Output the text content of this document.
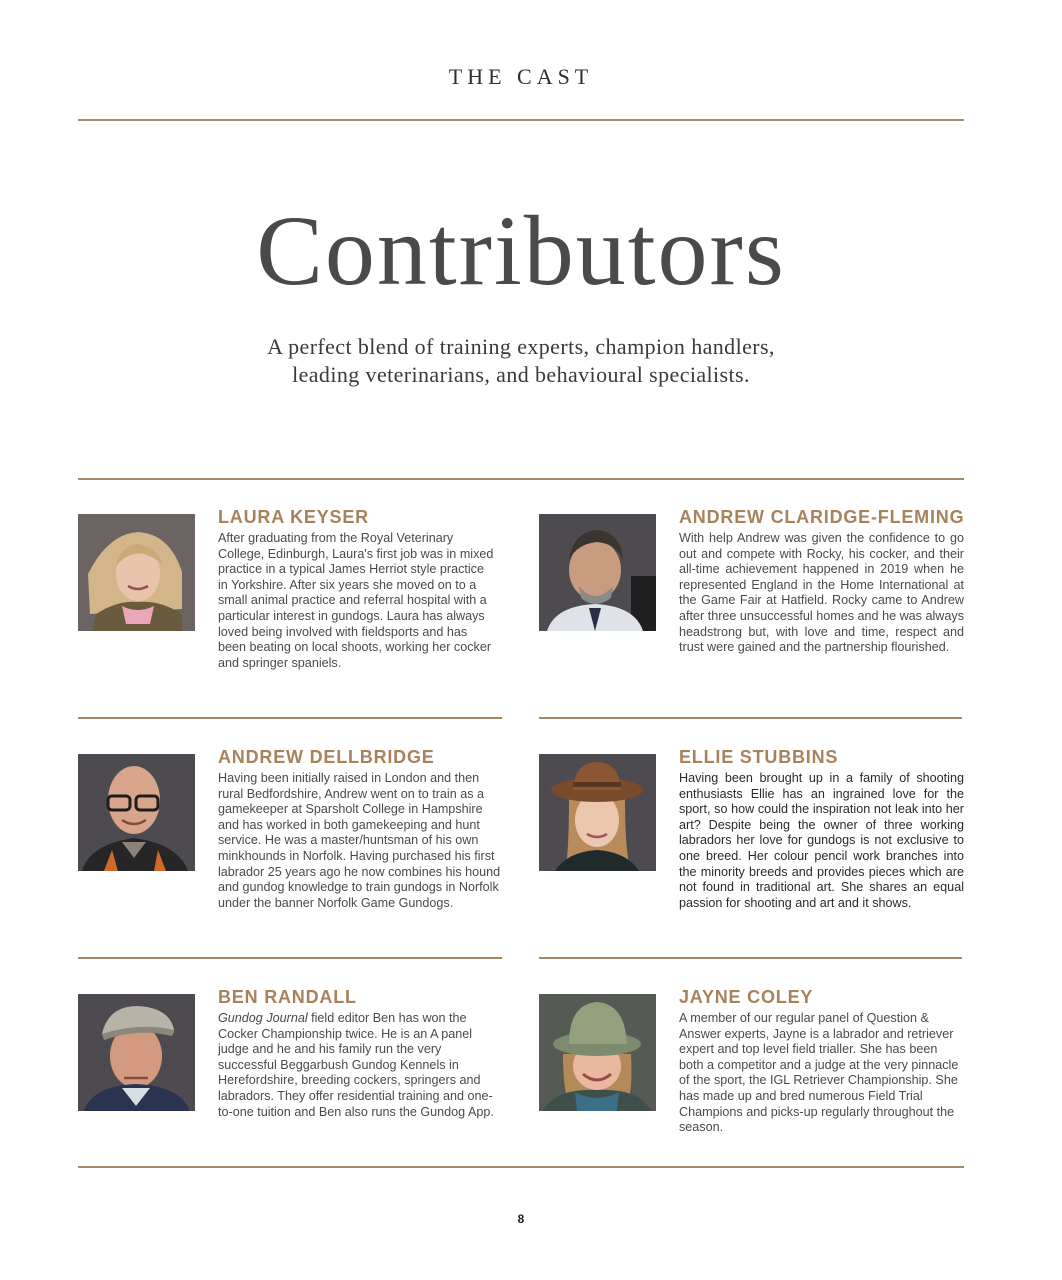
THE CAST
Contributors
A perfect blend of training experts, champion handlers,
leading veterinarians, and behavioural specialists.
LAURA KEYSER
After graduating from the Royal Veterinary College, Edinburgh, Laura's first job was in mixed practice in a typical James Herriot style practice in Yorkshire. After six years she moved on to a small animal practice and referral hospital with a particular interest in gundogs. Laura has always loved being involved with fieldsports and has been beating on local shoots, working her cocker and springer spaniels.
ANDREW CLARIDGE-FLEMING
With help Andrew was given the confidence to go out and compete with Rocky, his cocker, and their all-time achievement happened in 2019 when he represented England in the Home International at the Game Fair at Hatfield. Rocky came to Andrew after three unsuccessful homes and he was always headstrong but, with love and time, respect and trust were gained and the partnership flourished.
ANDREW DELLBRIDGE
Having been initially raised in London and then rural Bedfordshire, Andrew went on to train as a gamekeeper at Sparsholt College in Hampshire and has worked in both gamekeeping and hunt service. He was a master/huntsman of his own minkhounds in Norfolk. Having purchased his first labrador 25 years ago he now combines his hound and gundog knowledge to train gundogs in Norfolk under the banner Norfolk Game Gundogs.
ELLIE STUBBINS
Having been brought up in a family of shooting enthusiasts Ellie has an ingrained love for the sport, so how could the inspiration not leak into her art? Despite being the owner of three working labradors her love for gundogs is not exclusive to one breed. Her colour pencil work branches into the minority breeds and provides pieces which are not found in traditional art. She shares an equal passion for shooting and art and it shows.
BEN RANDALL
Gundog Journal field editor Ben has won the Cocker Championship twice. He is an A panel judge and he and his family run the very successful Beggarbush Gundog Kennels in Herefordshire, breeding cockers, springers and labradors. They offer residential training and one-to-one tuition and Ben also runs the Gundog App.
JAYNE COLEY
A member of our regular panel of Question & Answer experts, Jayne is a labrador and retriever expert and top level field trialler. She has been both a competitor and a judge at the very pinnacle of the sport, the IGL Retriever Championship. She has made up and bred numerous Field Trial Champions and picks-up regularly throughout the season.
8
